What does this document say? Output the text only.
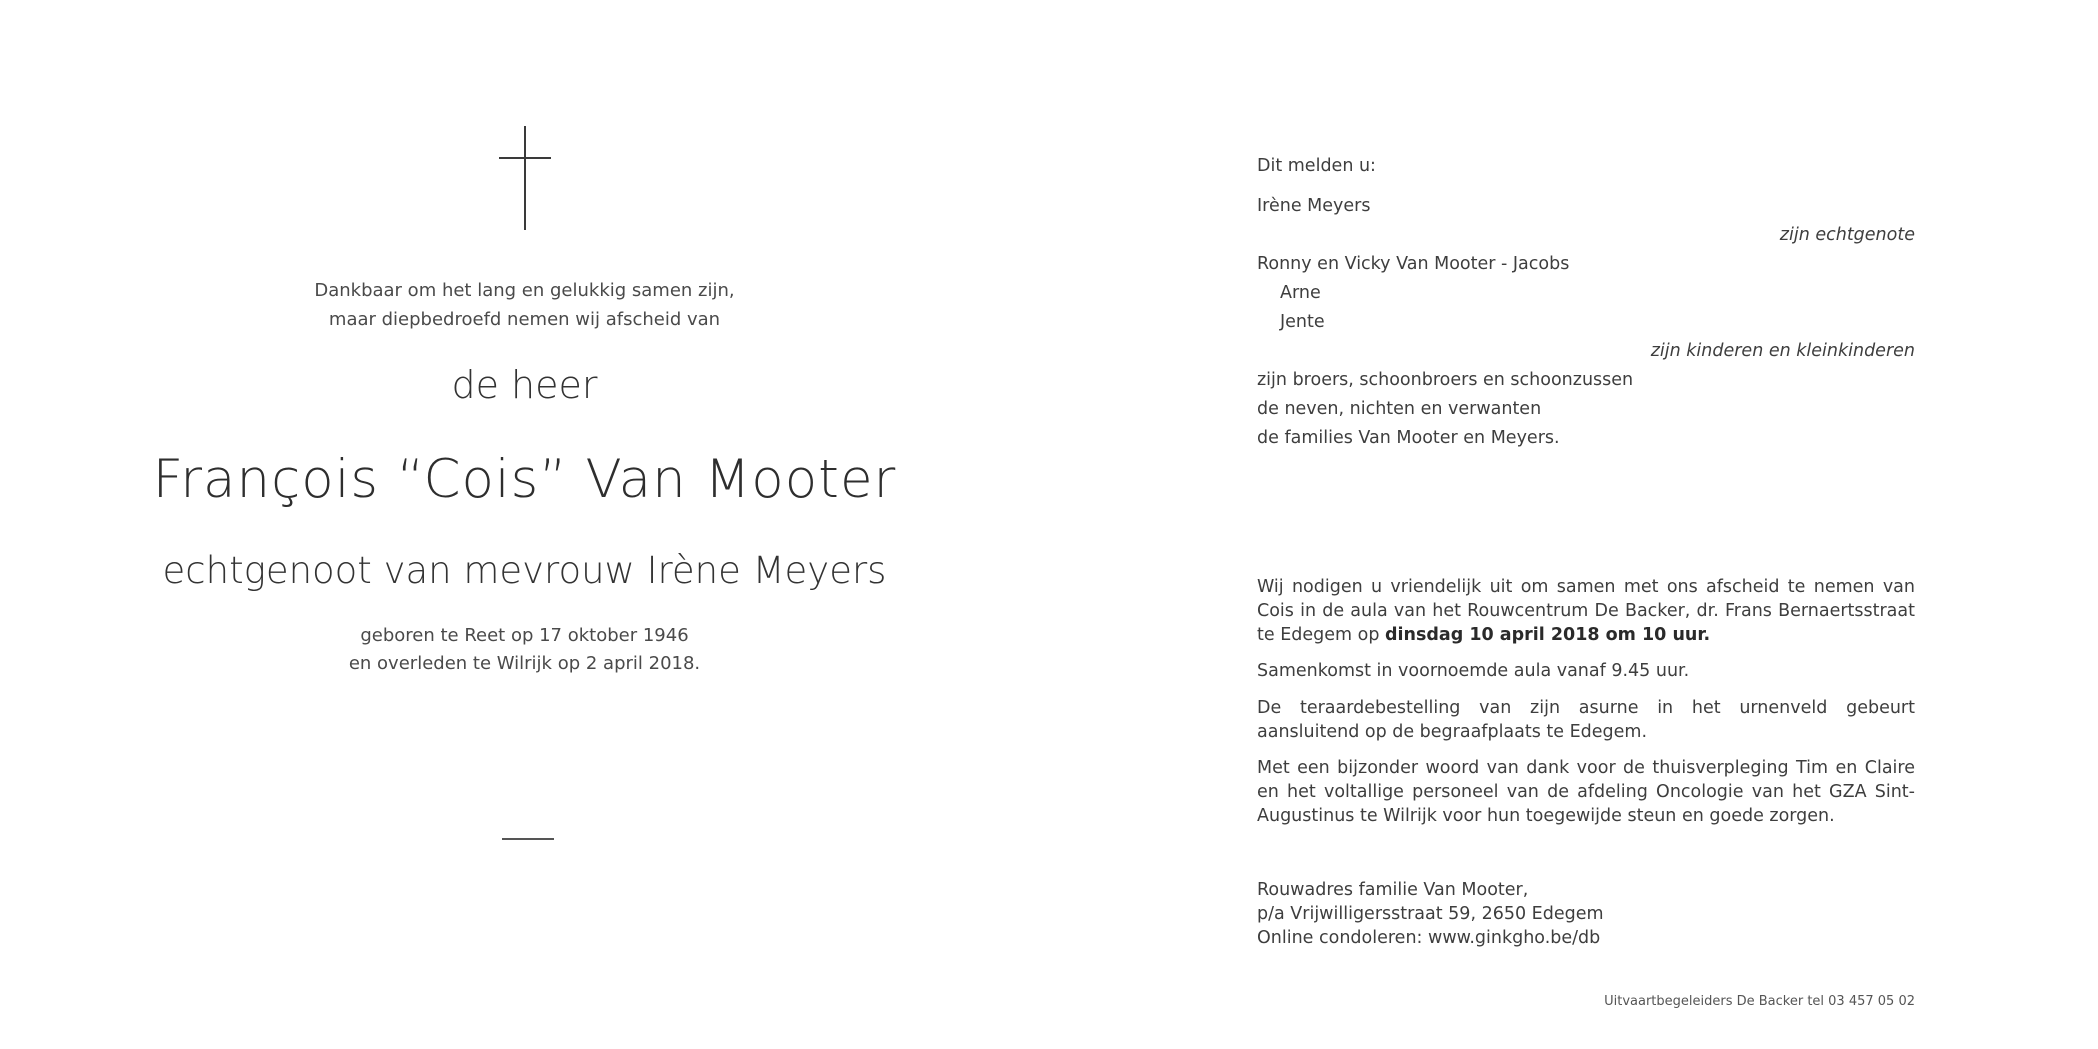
Dankbaar om het lang en gelukkig samen zijn,
maar diepbedroefd nemen wij afscheid van
de heer
François “Cois” Van Mooter
echtgenoot van mevrouw Irène Meyers
geboren te Reet op 17 oktober 1946
en overleden te Wilrijk op 2 april 2018.
Dit melden u:
Irène Meyers
zijn echtgenote
Ronny en Vicky Van Mooter - Jacobs
Arne
Jente
zijn kinderen en kleinkinderen
zijn broers, schoonbroers en schoonzussen
de neven, nichten en verwanten
de families Van Mooter en Meyers.

Wij nodigen u vriendelijk uit om samen met ons afscheid te nemen van Cois in de aula van het Rouwcentrum De Backer, dr. Frans Bernaertsstraat te Edegem op dinsdag 10 april 2018 om 10 uur.

Samenkomst in voornoemde aula vanaf 9.45 uur.

De teraardebestelling van zijn asurne in het urnenveld gebeurt aansluitend op de begraafplaats te Edegem.

Met een bijzonder woord van dank voor de thuisverpleging Tim en Claire en het voltallige personeel van de afdeling Oncologie van het GZA Sint-Augustinus te Wilrijk voor hun toegewijde steun en goede zorgen.

Rouwadres familie Van Mooter,
p/a Vrijwilligersstraat 59, 2650 Edegem
Online condoleren: www.ginkgho.be/db
Uitvaartbegeleiders De Backer tel 03 457 05 02
